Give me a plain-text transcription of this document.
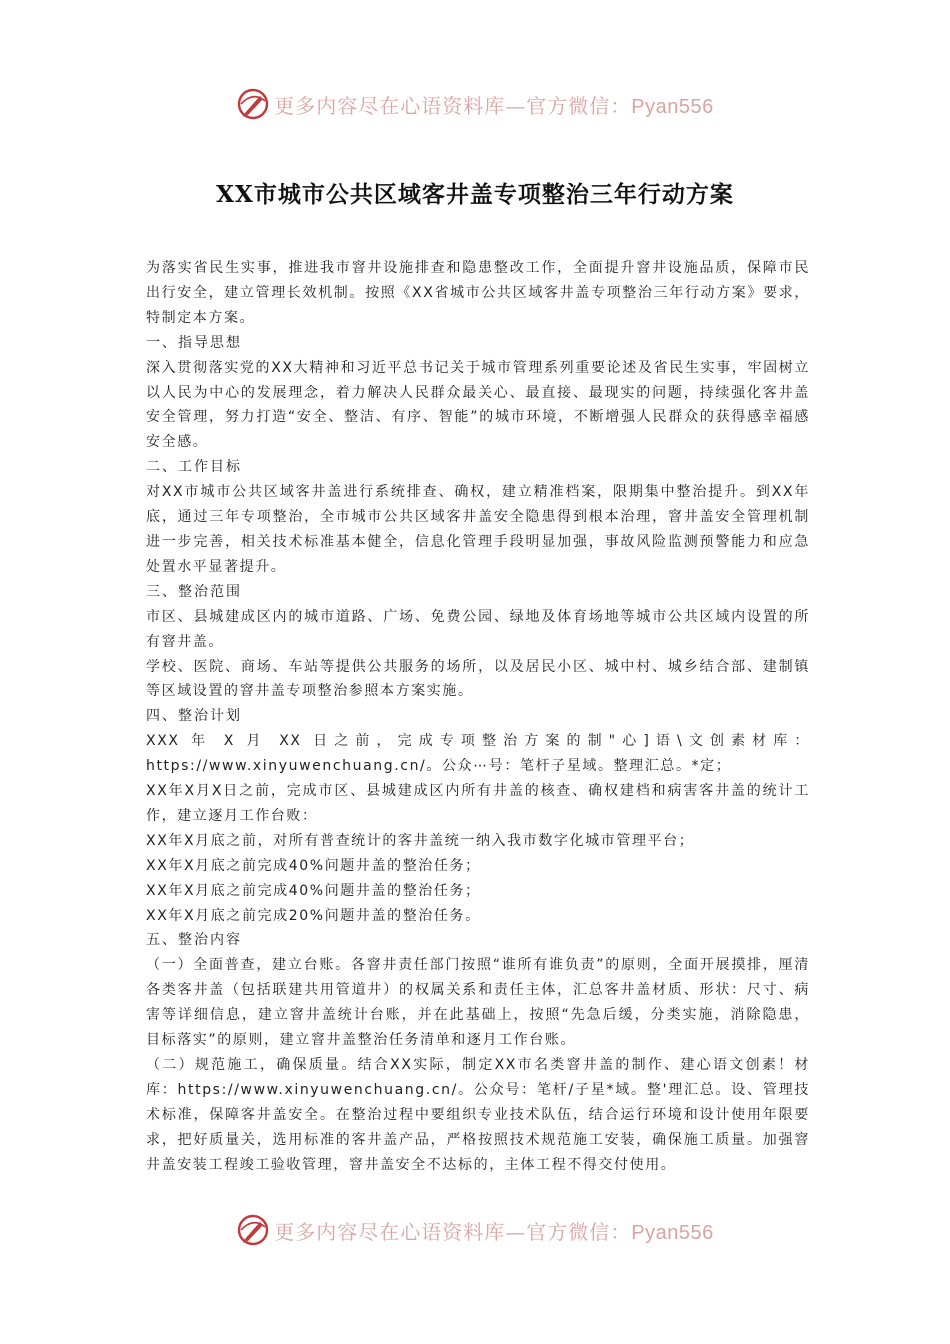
更多内容尽在心语资料库—官方微信：Pyan556
XX市城市公共区域客井盖专项整治三年行动方案

为落实省民生实事，推进我市窨井设施排查和隐患整改工作，全面提升窨井设施品质，保障市民出行安全，建立管理长效机制。按照《XX省城市公共区域客井盖专项整治三年行动方案》要求，特制定本方案。

一、指导思想

深入贯彻落实党的XX大精神和习近平总书记关于城市管理系列重要论述及省民生实事，牢固树立以人民为中心的发展理念，着力解决人民群众最关心、最直接、最现实的问题，持续强化客井盖安全管理，努力打造“安全、整洁、有序、智能”的城市环境，不断增强人民群众的获得感幸福感安全感。

二、工作目标

对XX市城市公共区域客井盖进行系统排查、确权，建立精准档案，限期集中整治提升。到XX年底，通过三年专项整治，全市城市公共区域客井盖安全隐患得到根本治理，窨井盖安全管理机制进一步完善，相关技术标准基本健全，信息化管理手段明显加强，事故风险监测预警能力和应急处置水平显著提升。

三、整治范围

市区、县城建成区内的城市道路、广场、免费公园、绿地及体育场地等城市公共区域内设置的所有窨井盖。

学校、医院、商场、车站等提供公共服务的场所，以及居民小区、城中村、城乡结合部、建制镇等区域设置的窨井盖专项整治参照本方案实施。

四、整治计划

XXX 年 X 月 XX 日之前，完成专项整治方案的制"心]语\文创素材库：https://www.xinyuwenchuang.cn/。公众⋯号：笔杆子星域。整理汇总。*定；

XX年X月X日之前，完成市区、县城建成区内所有井盖的核查、确权建档和病害客井盖的统计工作，建立逐月工作台败：

XX年X月底之前，对所有普查统计的客井盖统一纳入我市数字化城市管理平台；

XX年X月底之前完成40%问题井盖的整治任务；

XX年X月底之前完成40%问题井盖的整治任务；

XX年X月底之前完成20%问题井盖的整治任务。

五、整治内容

（一）全面普查，建立台账。各窨井责任部门按照“谁所有谁负责”的原则，全面开展摸排，厘清各类客井盖（包括联建共用管道井）的权属关系和责任主体，汇总客井盖材质、形状：尺寸、病害等详细信息，建立窨井盖统计台账，并在此基础上，按照“先急后缓，分类实施，消除隐患，目标落实”的原则，建立窨井盖整治任务清单和逐月工作台账。

（二）规范施工，确保质量。结合XX实际，制定XX市名类窨井盖的制作、建心语文创素！材库：https://www.xinyuwenchuang.cn/。公众号：笔杆/子星*域。整'理汇总。设、管理技术标准，保障客井盖安全。在整治过程中要组织专业技术队伍，结合运行环境和设计使用年限要求，把好质量关，选用标准的客井盖产品，严格按照技术规范施工安装，确保施工质量。加强窨井盖安装工程竣工验收管理，窨井盖安全不达标的，主体工程不得交付使用。

更多内容尽在心语资料库—官方微信：Pyan556
